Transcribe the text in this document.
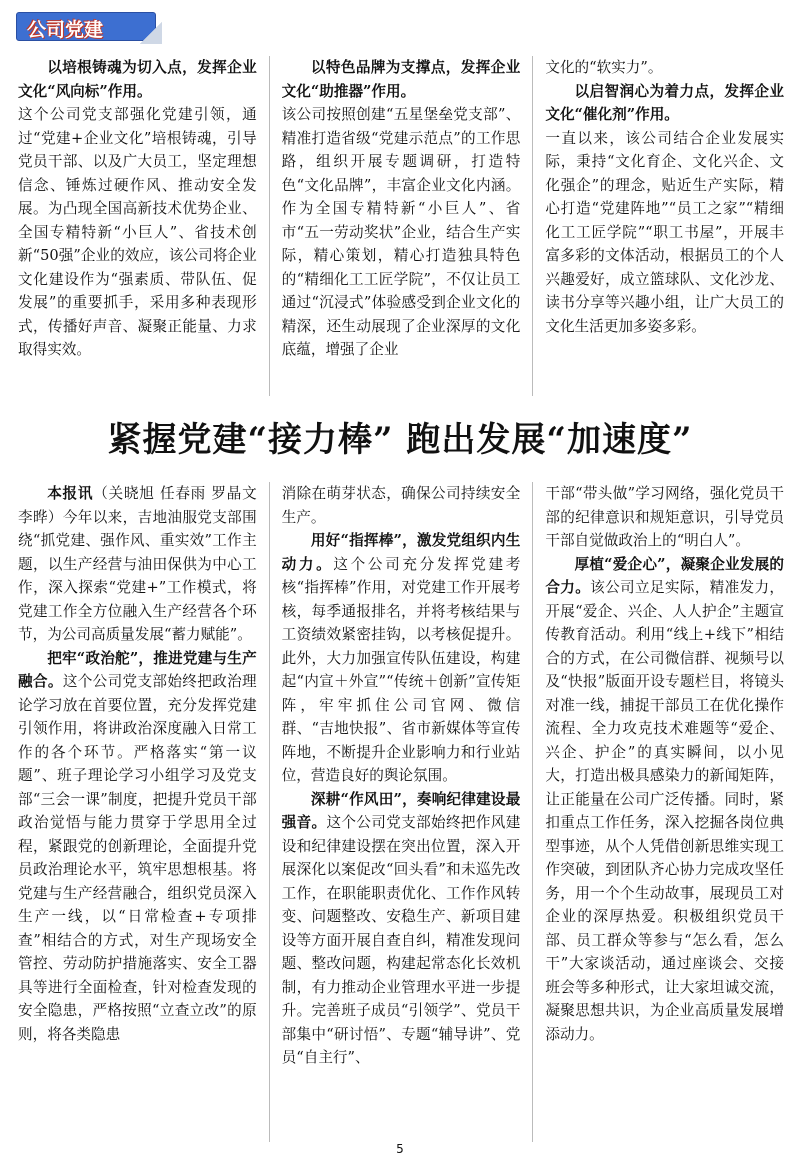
公司党建

以培根铸魂为切入点，发挥企业文化“风向标”作用。

这个公司党支部强化党建引领，通过“党建+企业文化”培根铸魂，引导党员干部、以及广大员工，坚定理想信念、锤炼过硬作风、推动安全发展。为凸现全国高新技术优势企业、全国专精特新“小巨人”、省技术创新“50强”企业的效应，该公司将企业文化建设作为“强素质、带队伍、促发展”的重要抓手，采用多种表现形式，传播好声音、凝聚正能量、力求取得实效。

以特色品牌为支撑点，发挥企业文化“助推器”作用。

该公司按照创建“五星堡垒党支部”、精准打造省级“党建示范点”的工作思路，组织开展专题调研，打造特色“文化品牌”，丰富企业文化内涵。作为全国专精特新“小巨人”、省市“五一劳动奖状”企业，结合生产实际，精心策划，精心打造独具特色的“精细化工工匠学院”，不仅让员工通过“沉浸式”体验感受到企业文化的精深，还生动展现了企业深厚的文化底蕴，增强了企业

文化的“软实力”。

以启智润心为着力点，发挥企业文化“催化剂”作用。

一直以来，该公司结合企业发展实际，秉持“文化育企、文化兴企、文化强企”的理念，贴近生产实际，精心打造“党建阵地”“员工之家”“精细化工工匠学院”“职工书屋”，开展丰富多彩的文体活动，根据员工的个人兴趣爱好，成立篮球队、文化沙龙、读书分享等兴趣小组，让广大员工的文化生活更加多姿多彩。

紧握党建“接力棒” 跑出发展“加速度”

本报讯（关晓旭 任春雨 罗晶文 李晔）今年以来，吉地油服党支部围绕“抓党建、强作风、重实效”工作主题，以生产经营与油田保供为中心工作，深入探索“党建+”工作模式，将党建工作全方位融入生产经营各个环节，为公司高质量发展“蓄力赋能”。

把牢“政治舵”，推进党建与生产融合。这个公司党支部始终把政治理论学习放在首要位置，充分发挥党建引领作用，将讲政治深度融入日常工作的各个环节。严格落实“第一议题”、班子理论学习小组学习及党支部“三会一课”制度，把提升党员干部政治觉悟与能力贯穿于学思用全过程，紧跟党的创新理论，全面提升党员政治理论水平，筑牢思想根基。将党建与生产经营融合，组织党员深入生产一线，以“日常检查+专项排查”相结合的方式，对生产现场安全管控、劳动防护措施落实、安全工器具等进行全面检查，针对检查发现的安全隐患，严格按照“立查立改”的原则，将各类隐患

消除在萌芽状态，确保公司持续安全生产。

用好“指挥棒”，激发党组织内生动力。这个公司充分发挥党建考核“指挥棒”作用，对党建工作开展考核，每季通报排名，并将考核结果与工资绩效紧密挂钩，以考核促提升。此外，大力加强宣传队伍建设，构建起“内宣＋外宣”“传统＋创新”宣传矩阵，牢牢抓住公司官网、微信群、“吉地快报”、省市新媒体等宣传阵地，不断提升企业影响力和行业站位，营造良好的舆论氛围。

深耕“作风田”，奏响纪律建设最强音。这个公司党支部始终把作风建设和纪律建设摆在突出位置，深入开展深化以案促改“回头看”和未巡先改工作，在职能职责优化、工作作风转变、问题整改、安稳生产、新项目建设等方面开展自查自纠，精准发现问题、整改问题，构建起常态化长效机制，有力推动企业管理水平进一步提升。完善班子成员“引领学”、党员干部集中“研讨悟”、专题“辅导讲”、党员“自主行”、

干部“带头做”学习网络，强化党员干部的纪律意识和规矩意识，引导党员干部自觉做政治上的“明白人”。

厚植“爱企心”，凝聚企业发展的合力。该公司立足实际，精准发力，开展“爱企、兴企、人人护企”主题宣传教育活动。利用“线上+线下”相结合的方式，在公司微信群、视频号以及“快报”版面开设专题栏目，将镜头对准一线，捕捉干部员工在优化操作流程、全力攻克技术难题等“爱企、兴企、护企”的真实瞬间，以小见大，打造出极具感染力的新闻矩阵，让正能量在公司广泛传播。同时，紧扣重点工作任务，深入挖掘各岗位典型事迹，从个人凭借创新思维实现工作突破，到团队齐心协力完成攻坚任务，用一个个生动故事，展现员工对企业的深厚热爱。积极组织党员干部、员工群众等参与“怎么看，怎么干”大家谈活动，通过座谈会、交接班会等多种形式，让大家坦诚交流，凝聚思想共识，为企业高质量发展增添动力。

5
